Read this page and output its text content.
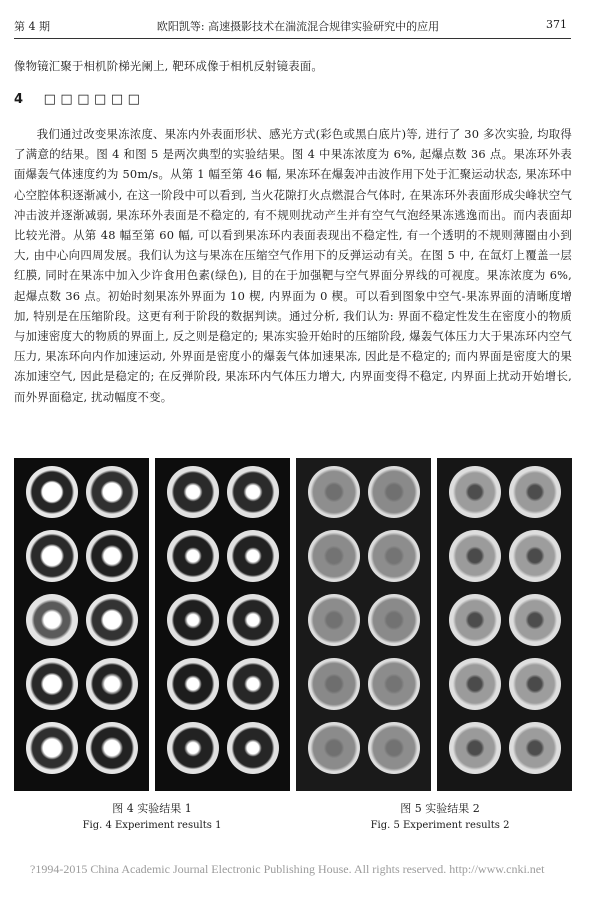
第 4 期	欧阳凯等: 高速摄影技术在湍流混合规律实验研究中的应用	371
像物镜汇聚于相机阶梯光阑上, 靶环成像于相机反射镜表面。
4 □ □ □ □ □ □
我们通过改变果冻浓度、果冻内外表面形状、感光方式(彩色或黑白底片)等, 进行了 30 多次实验, 均取得了满意的结果。图 4 和图 5 是两次典型的实验结果。图 4 中果冻浓度为 6%, 起爆点数 36 点。果冻环外表面爆轰气体速度约为 50m/s。从第 1 幅至第 46 幅, 果冻环在爆轰冲击波作用下处于汇聚运动状态, 果冻环中心空腔体积逐渐减小, 在这一阶段中可以看到, 当火花隙打火点燃混合气体时, 在果冻环外表面形成尖峰状空气冲击波并逐渐减弱, 果冻环外表面是不稳定的, 有不规则扰动产生并有空气气泡经果冻逃逸而出。而内表面却比较光滑。从第 48 幅至第 60 幅, 可以看到果冻环内表面表现出不稳定性, 有一个透明的不规则薄圈由小到大, 由中心向四周发展。我们认为这与果冻在压缩空气作用下的反弹运动有关。在图 5 中, 在氙灯上覆盖一层红膜, 同时在果冻中加入少许食用色素(绿色), 目的在于加强靶与空气界面分界线的可视度。果冻浓度为 6%, 起爆点数 36 点。初始时刻果冻外界面为 10 楔, 内界面为 0 楔。可以看到图象中空气-果冻界面的清晰度增加, 特别是在压缩阶段。这更有利于阶段的数据判读。通过分析, 我们认为: 界面不稳定性发生在密度小的物质与加速密度大的物质的界面上, 反之则是稳定的; 果冻实验开始时的压缩阶段, 爆轰气体压力大于果冻环内空气压力, 果冻环向内作加速运动, 外界面是密度小的爆轰气体加速果冻, 因此是不稳定的; 而内界面是密度大的果冻加速空气, 因此是稳定的; 在反弹阶段, 果冻环内气体压力增大, 内界面变得不稳定, 内界面上扰动开始增长, 而外界面稳定, 扰动幅度不变。
图 4 实验结果 1
Fig. 4 Experiment results 1
图 5 实验结果 2
Fig. 5 Experiment results 2
?1994-2015 China Academic Journal Electronic Publishing House. All rights reserved. http://www.cnki.net
